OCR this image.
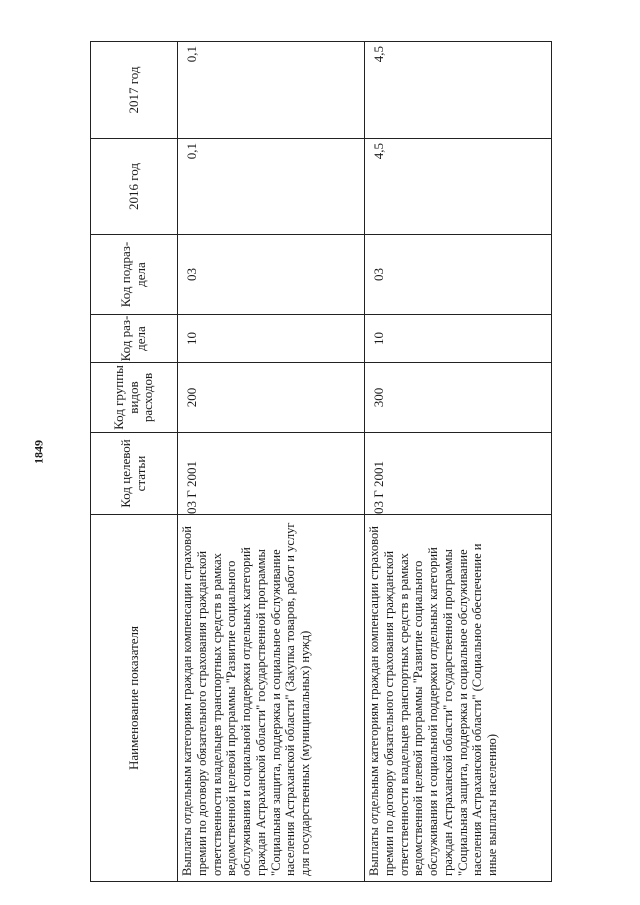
1849
Наименование показателя	Код целевой статьи	Код группы видов расходов	Код раз-дела	Код подраз-дела	2016 год	2017 год
Выплаты отдельным категориям граждан компенсации страховой премии по договору обязательного страхования гражданской ответственности владельцев транспортных средств в рамках ведомственной целевой программы "Развитие социального обслуживания и социальной поддержки отдельных категорий граждан Астраханской области" государственной программы "Социальная защита, поддержка и социальное обслуживание населения Астраханской области" (Закупка товаров, работ и услуг для государственных (муниципальных) нужд)	03 Г 2001	200	10	03	0,1	0,1
Выплаты отдельным категориям граждан компенсации страховой премии по договору обязательного страхования гражданской ответственности владельцев транспортных средств в рамках ведомственной целевой программы "Развитие социального обслуживания и социальной поддержки отдельных категорий граждан Астраханской области" государственной программы "Социальная защита, поддержка и социальное обслуживание населения Астраханской области" (Социальное обеспечение и иные выплаты населению)	03 Г 2001	300	10	03	4,5	4,5
